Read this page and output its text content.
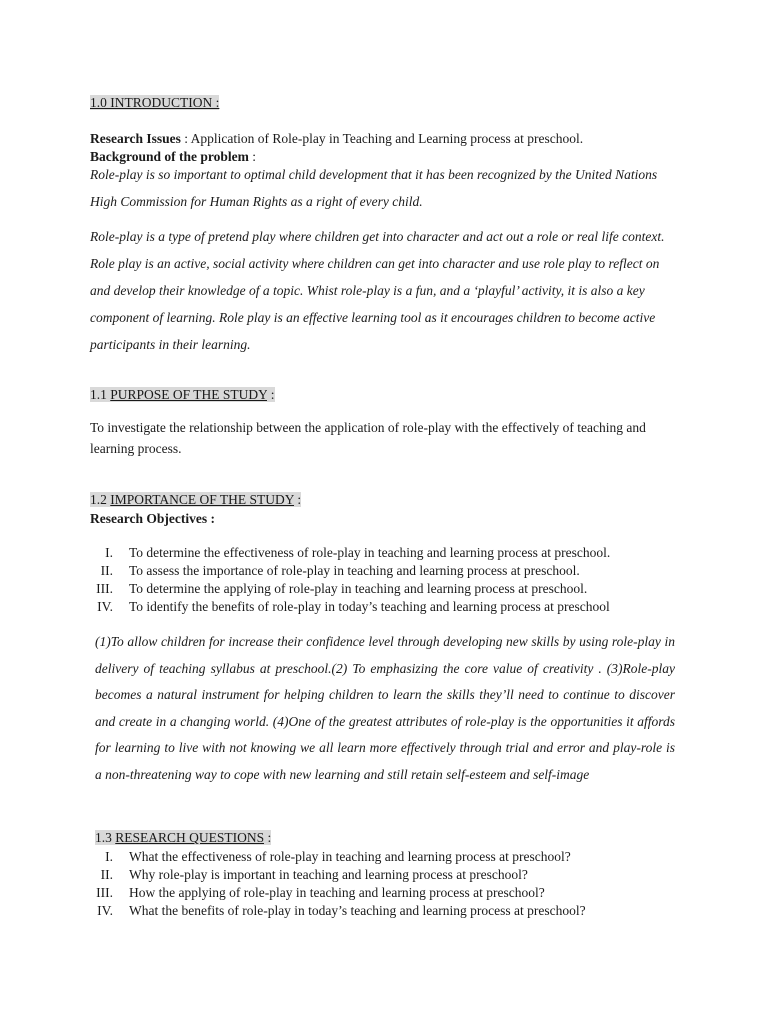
1.0 INTRODUCTION :
Research Issues : Application of Role-play in Teaching and Learning process at preschool.
Background of the problem :

Role-play is so important to optimal child development that it has been recognized by the United Nations High Commission for Human Rights as a right of every child.

Role-play is a type of pretend play where children get into character and act out a role or real life context. Role play is an active, social activity where children can get into character and use role play to reflect on and develop their knowledge of a topic. Whist role-play is a fun, and a ‘playful’ activity, it is also a key component of learning. Role play is an effective learning tool as it encourages children to become active participants in their learning.

1.1 PURPOSE OF THE STUDY :

To investigate the relationship between the application of role-play with the effectively of teaching and learning process.

1.2 IMPORTANCE OF THE STUDY :
Research Objectives :
I.	To determine the effectiveness of role-play in teaching and learning process at preschool.
II.	To assess the importance of role-play in teaching and learning process at preschool.
III.	To determine the applying of role-play in teaching and learning process at preschool.
IV.	To identify the benefits of role-play in today’s teaching and learning process at preschool

(1)To allow children for increase their confidence level through developing new skills by using role-play in delivery of teaching syllabus at preschool.(2) To emphasizing the core value of creativity . (3)Role-play becomes a natural instrument for helping children to learn the skills they’ll need to continue to discover and create in a changing world. (4)One of the greatest attributes of role-play is the opportunities it affords for learning to live with not knowing we all learn more effectively through trial and error and play-role is a non-threatening way to cope with new learning and still retain self-esteem and self-image

1.3 RESEARCH QUESTIONS :
I.	What the effectiveness of role-play in teaching and learning process at preschool?
II.	Why role-play is important in teaching and learning process at preschool?
III.	How the applying of role-play in teaching and learning process at preschool?
IV.	What the benefits of role-play in today’s teaching and learning process at preschool?
